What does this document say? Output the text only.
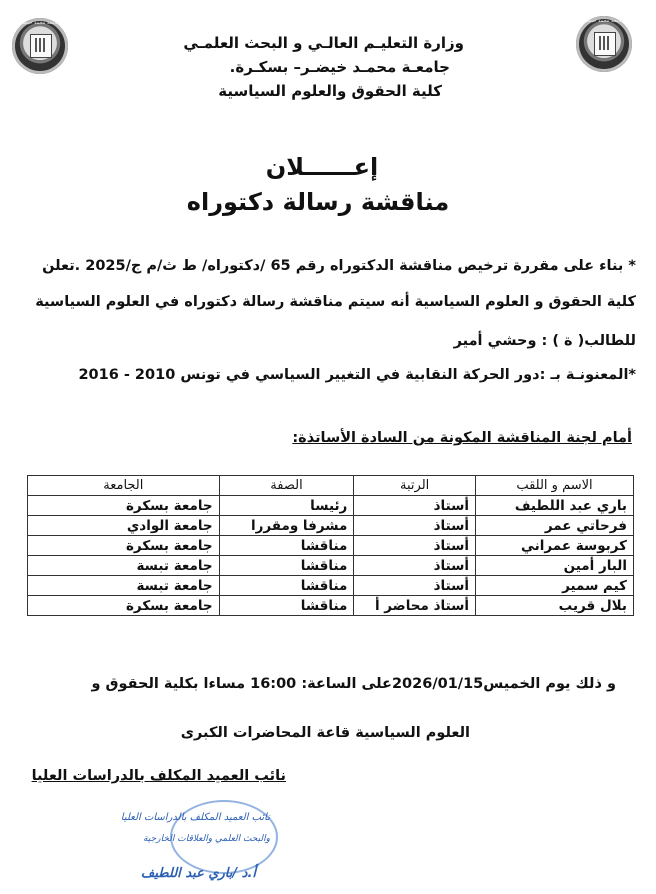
جامعة محمد خيضر	جامعة محمد خيضر
وزارة التعليـم العالـي و البحث العلمـي
جامعـة محمـد خيضـر– بسكـرة.
كلية الحقوق والعلوم السياسية
إعــــــلان
مناقشة رسالة دكتوراه
* بناء على مقررة ترخيص مناقشة الدكتوراه رقم 65 /دكتوراه/ ط ث/م ج/2025 .تعلن
كلية الحقوق و العلوم السياسية أنه سيتم مناقشة رسالة دكتوراه في العلوم السياسية
للطالب( ة ) : وحشي أمير
*المعنونـة بـ :دور الحركة النقابية في التغيير السياسي في تونس 2010 - 2016
أمام لجنة المناقشة المكونة من السادة الأساتذة:
الاسم و اللقب	الرتبة	الصفة	الجامعة
باري عبد اللطيف	أستاذ	رئيسا	جامعة بسكرة
فرحاتي عمر	أستاذ	مشرفا ومقررا	جامعة الوادي
كربوسة عمراني	أستاذ	مناقشا	جامعة بسكرة
البار أمين	أستاذ	مناقشا	جامعة تبسة
كيم سمير	أستاذ	مناقشا	جامعة تبسة
بلال قريب	أستاذ محاضر أ	مناقشا	جامعة بسكرة
و ذلك يوم الخميس2026/01/15على الساعة: 16:00 مساءا بكلية الحقوق و
العلوم السياسية قاعة المحاضرات الكبرى
نائب العميد المكلف بالدراسات العليا
نائب العميد المكلف بالدراسات العليا
والبحث العلمي والعلاقات الخارجية
أ.د /باري عبد اللطيف
